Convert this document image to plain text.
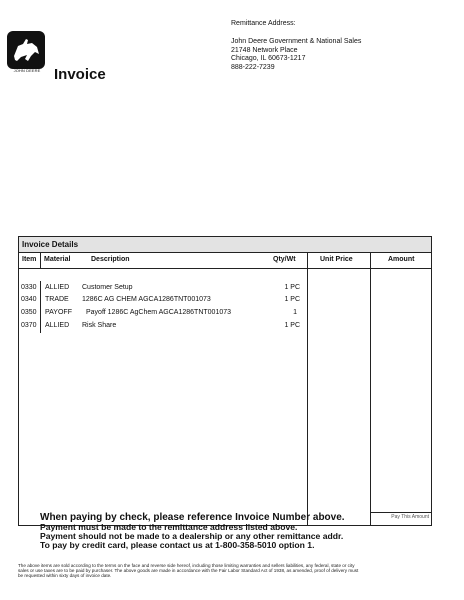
JOHN DEERE Invoice
Remittance Address:
John Deere Government & National Sales
21748 Network Place
Chicago, IL 60673-1217
888-222-7239
Invoice Details
Item Material	Description	Qty/Wt	Unit Price	Amount
0330 ALLIED Customer Setup	1 PC
0340 TRADE 1286C AG CHEM AGCA1286TNT001073	1 PC
0350 PAYOFF Payoff 1286C AgChem AGCA1286TNT001073	1
0370 ALLIED Risk Share	1 PC
Pay This Amount
When paying by check, please reference Invoice Number above.
Payment must be made to the remittance address listed above.
Payment should not be made to a dealership or any other remittance addr.
To pay by credit card, please contact us at 1-800-358-5010 option 1.
The above items are sold according to the terms on the face and reverse side hereof, including those limiting warranties and sellers liabilities, any federal, state or city sales or use taxes are to be paid by purchaser. The above goods are made in accordance with the Fair Labor Standard Act of 1938, as amended, proof of delivery must be requested within sixty days of invoice date.
